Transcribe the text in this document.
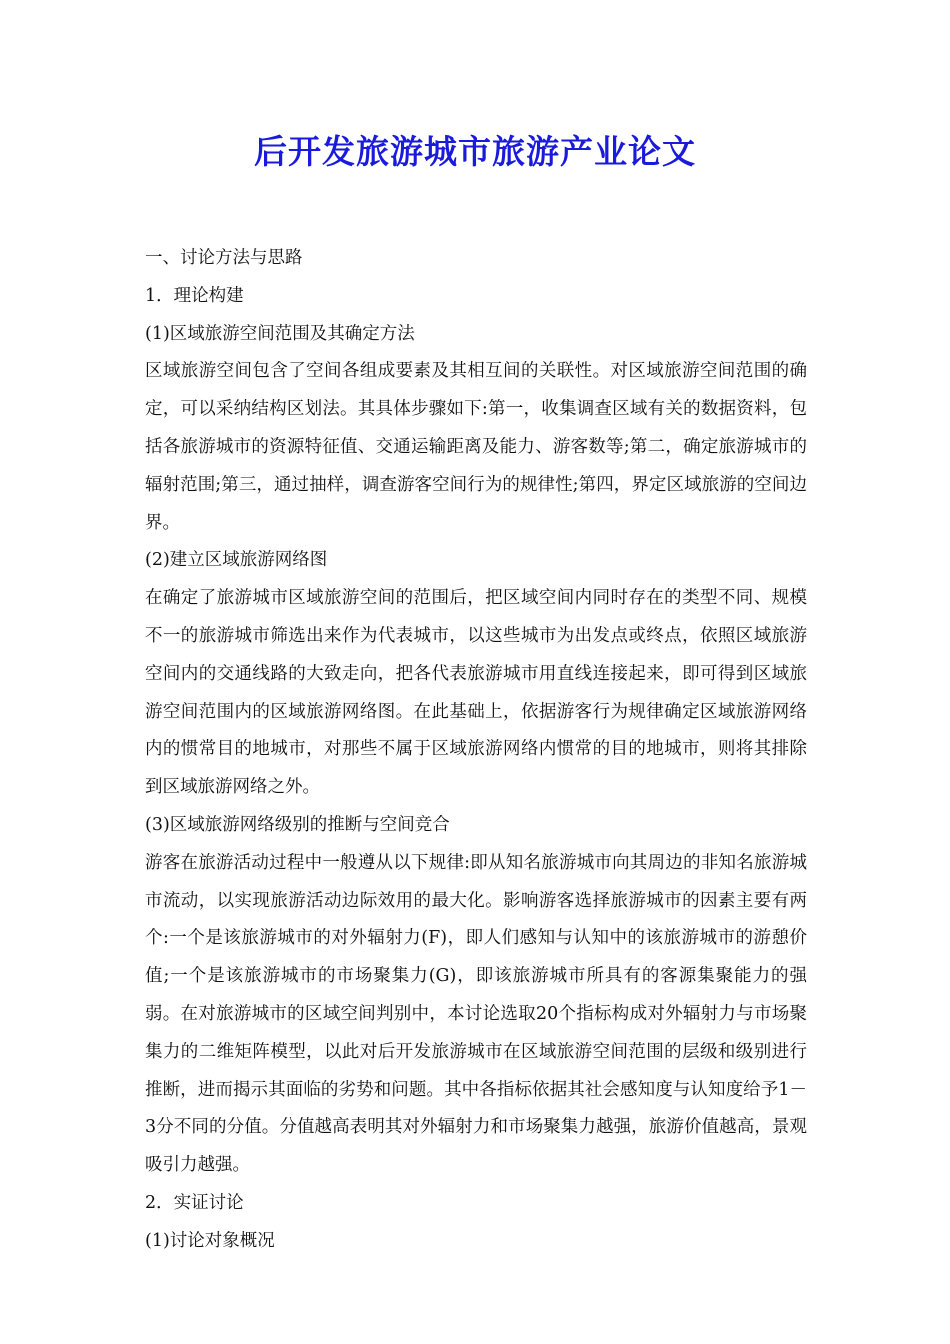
后开发旅游城市旅游产业论文

一、讨论方法与思路

1．理论构建

(1)区域旅游空间范围及其确定方法

区域旅游空间包含了空间各组成要素及其相互间的关联性。对区域旅游空间范围的确定，可以采纳结构区划法。其具体步骤如下:第一，收集调查区域有关的数据资料，包括各旅游城市的资源特征值、交通运输距离及能力、游客数等;第二，确定旅游城市的辐射范围;第三，通过抽样，调查游客空间行为的规律性;第四，界定区域旅游的空间边界。

(2)建立区域旅游网络图

在确定了旅游城市区域旅游空间的范围后，把区域空间内同时存在的类型不同、规模不一的旅游城市筛选出来作为代表城市，以这些城市为出发点或终点，依照区域旅游空间内的交通线路的大致走向，把各代表旅游城市用直线连接起来，即可得到区域旅游空间范围内的区域旅游网络图。在此基础上，依据游客行为规律确定区域旅游网络内的惯常目的地城市，对那些不属于区域旅游网络内惯常的目的地城市，则将其排除到区域旅游网络之外。

(3)区域旅游网络级别的推断与空间竞合

游客在旅游活动过程中一般遵从以下规律:即从知名旅游城市向其周边的非知名旅游城市流动，以实现旅游活动边际效用的最大化。影响游客选择旅游城市的因素主要有两个:一个是该旅游城市的对外辐射力(F)，即人们感知与认知中的该旅游城市的游憩价值;一个是该旅游城市的市场聚集力(G)，即该旅游城市所具有的客源集聚能力的强弱。在对旅游城市的区域空间判别中，本讨论选取20个指标构成对外辐射力与市场聚集力的二维矩阵模型，以此对后开发旅游城市在区域旅游空间范围的层级和级别进行推断，进而揭示其面临的劣势和问题。其中各指标依据其社会感知度与认知度给予1－3分不同的分值。分值越高表明其对外辐射力和市场聚集力越强，旅游价值越高，景观吸引力越强。

2．实证讨论

(1)讨论对象概况
